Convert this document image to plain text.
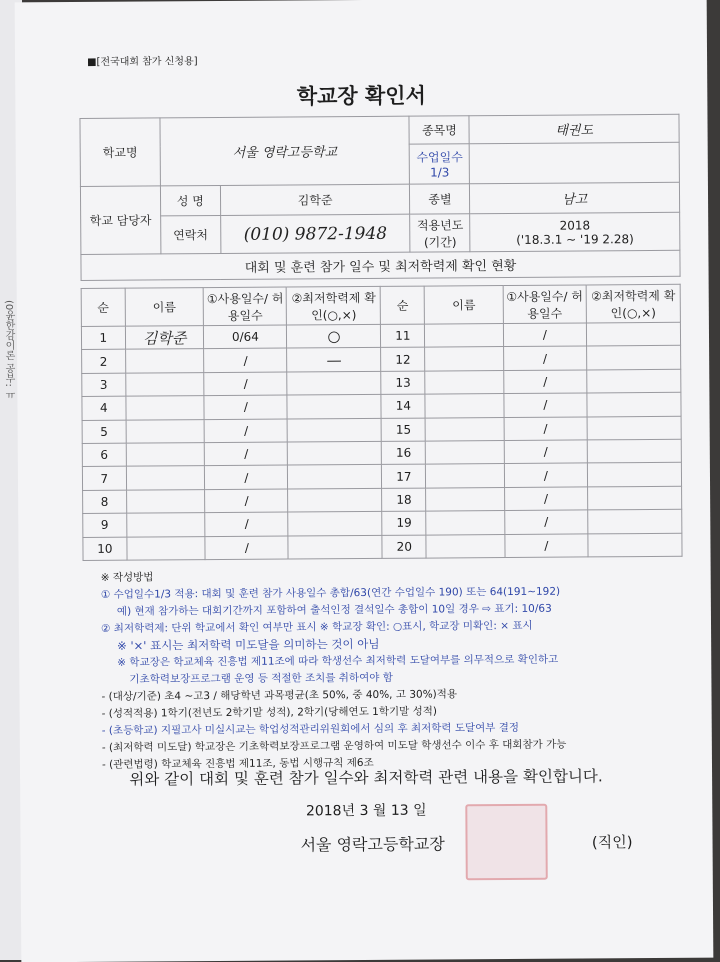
(0윤한감이론 공부: ㅠ
■[전국대회 참가 신청용]
학교장 확인서
학교명	서울 영락고등학교		종목명	태권도
			수업일수 1/3	
학교 담당자	성 명	김학준	종별	남고
	연락처	(010) 9872-1948	적용년도 (기간)	2018
('18.3.1 ~ '19 2.28)

대회 및 훈련 참가 일수 및 최저학력제 확인 현황				
순	이름	①사용일수/ 허용일수	②최저학력제 확인(○,×)	순	이름	①사용일수/ 허용일수	②최저학력제 확인(○,×)
1	김학준	0/64	○	11		/	
2		/	—	12		/	
3		/		13		/	
4		/		14		/	
5		/		15		/	
6		/		16		/	
7		/		17		/	
8		/		18		/	
9		/		19		/	
10		/		20		/	
※ 작성방법
① 수업일수1/3 적용: 대회 및 훈련 참가 사용일수 총합/63(연간 수업일수 190) 또는 64(191~192)
예) 현재 참가하는 대회기간까지 포함하여 출석인정 결석일수 총합이 10일 경우 ⇨ 표기: 10/63
② 최저학력제: 단위 학교에서 확인 여부만 표시 ※ 학교장 확인: ○표시, 학교장 미확인: × 표시
※ '×' 표시는 최저학력 미도달을 의미하는 것이 아님
※ 학교장은 학교체육 진흥법 제11조에 따라 학생선수 최저학력 도달여부를 의무적으로 확인하고
기초학력보장프로그램 운영 등 적절한 조치를 취하여야 함
- (대상/기준) 초4 ~고3 / 해당학년 과목평균(초 50%, 중 40%, 고 30%)적용
- (성적적용) 1학기(전년도 2학기말 성적), 2학기(당해연도 1학기말 성적)
- (초등학교) 지필고사 미실시교는 학업성적관리위원회에서 심의 후 최저학력 도달여부 결정
- (최저학력 미도달) 학교장은 기초학력보장프로그램 운영하여 미도달 학생선수 이수 후 대회참가 가능
- (관련법령) 학교체육 진흥법 제11조, 동법 시행규칙 제6조
위와 같이 대회 및 훈련 참가 일수와 최저학력 관련 내용을 확인합니다.
2018년 3 월 13 일
서울 영락고등학교장	(직인)
